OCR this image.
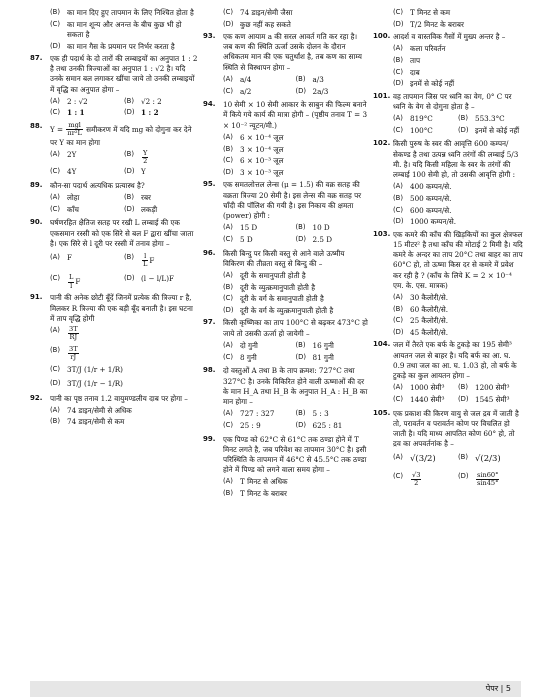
(B) का मान दिए हुए तापमान के लिए निश्चित होता है
(C) का मान शून्य और अनन्त के बीच कुछ भी हो सकता है
(D) का मान गैस के प्रयमान पर निर्भर करता है
87.	एक ही पदार्थ के दो तारों की लम्बाइयों का अनुपात 1 : 2 है तथा उनकी त्रिज्याओं का अनुपात 1 : √2 है। यदि उनके समान बल लगाकर खींचा जाये तो उनकी लम्बाइयों में वृद्धि का अनुपात होगा –
(A) 2 : √2	(B) √2 : 2
(C) 1 : 1	(D) 1 : 2
88.	$Y = \frac{\text{mgl}}{\text{πr²L}}$ समीकरण में यदि mg को दोगुना कर देने पर Y का मान होगा
(A) 2Y	(B)	$\frac{Y}{2}$
(C) 4Y	(D) Y
89.	कौन-सा पदार्थ अत्यधिक प्रत्यास्थ है?
(A) लोहा	(B) रबर
(C) काँच	(D) लकड़ी
90.	घर्षणरहित क्षैतिज सतह पर रखी L लम्बाई की एक एकसमान रस्सी को एक सिरे से बल F द्वारा खींचा जाता है। एक सिरे से l दूरी पर रस्सी में तनाव होगा –
(A) F	(B)	$\frac{l}{L}$ F
(C)	$\frac{L}{l}$ F	(D) (l − l/L)F
91.	पानी की अनेक छोटी बूँदें जिनमें प्रत्येक की त्रिज्या r है, मिलकर R त्रिज्या की एक बड़ी बूँद बनाती है। इस घटना में ताप वृद्धि होगी
(A)	$\frac{3T}{RJ}$
(B)	$\frac{3T}{rJ}$
(C) 3T/J (1/r + 1/R)
(D) 3T/J (1/r − 1/R)
92.	पानी का पृष्ठ तनाव 1.2 वायुमण्डलीय दाब पर होगा –
(A) 74 डाइन/सेमी से अधिक
(B) 74 डाइन/सेमी से कम
(C) 74 डाइन/सेमी जैसा
(D) कुछ नहीं कह सकते
93.	एक कण आयाम a की सरल आवर्त गति कर रहा है। जब कण की स्थिति ऊर्जा उसके दोलन के दौरान अधिकतम मान की एक चतुर्थांश है, तब कण का साम्य स्थिति से विस्थापन होगा –
(A) a/4	(B) a/3
(C) a/2	(D) 2a/3
94.	10 सेमी × 10 सेमी आकार के साबुन की फिल्म बनाने में किये गये कार्य की मात्रा होगी – (पृष्ठीय तनाव T = 3 × 10⁻² न्यूटन/मी.)
(A) 6 × 10⁻⁴ जूल
(B) 3 × 10⁻⁴ जूल
(C) 6 × 10⁻³ जूल
(D) 3 × 10⁻³ जूल
95.	एक समतलोत्तल लेन्स (μ = 1.5) की वक्र सतह की वक्रता त्रिज्या 20 सेमी है। इस लेन्स की वक्र सतह पर चाँदी की पॉलिश की गयी है। इस निकाय की क्षमता (power) होगी :
(A) 15 D	(B) 10 D
(C) 5 D	(D) 2.5 D
96.	किसी बिन्दु पर किसी वस्तु से आने वाले ऊष्मीय विकिरण की तीव्रता वस्तु से बिन्दु की –
(A) दूरी के समानुपाती होती है
(B) दूरी के व्युत्क्रमानुपाती होती है
(C) दूरी के वर्ग के समानुपाती होती है
(D) दूरी के वर्ग के व्युत्क्रमानुपाती होती है
97.	किसी कृष्णिका का ताप 100°C से बढ़कर 473°C हो जाये तो उसकी ऊर्जा हो जायेगी –
(A) दो गुनी	(B) 16 गुनी
(C) 8 गुनी	(D) 81 गुनी
98.	दो वस्तुओं A तथा B के ताप क्रमश: 727°C तथा 327°C है। उनके विकिरित होने वाली ऊष्माओं की दर के मान H_A तथा H_B के अनुपात H_A : H_B का मान होगा –
(A) 727 : 327	(B) 5 : 3
(C) 25 : 9	(D) 625 : 81
99.	एक पिण्ड को 62°C से 61°C तक ठण्डा होने में T मिनट लगते है, जब परिवेश का तापमान 30°C है। इसी परिस्थिति के तापमान में 46°C से 45.5°C तक ठण्डा होने में पिण्ड को लगने वाला समय होगा –
(A) T मिनट से अधिक
(B) T मिनट के बराबर
(C) T मिनट से कम
(D) T/2 मिनट के बराबर
100. आदर्श व वास्तविक गैसों में मुख्य अन्तर है –
(A) कला परिवर्तन
(B) ताप
(C) दाब
(D) इनमें से कोई नहीं
101. वह तापमान जिस पर ध्वनि का वेग, 0° C पर ध्वनि के वेग से दोगुना होता है –
(A) 819°C	(B) 553.3°C
(C) 100°C	(D) इनमें से कोई नहीं
102. किसी पुरुष के स्वर की आवृत्ति 600 कम्पन/सेकण्ड है तथा उत्पन्न ध्वनि तरंगों की लम्बाई 5/3 मी. है। यदि किसी महिला के स्वर के तरंगों की लम्बाई 100 सेमी हो, तो उसकी आवृत्ति होगी :
(A) 400 कम्पन/से.
(B) 500 कम्पन/से.
(C) 600 कम्पन/से.
(D) 1000 कम्पन/से.
103. एक कमरे की काँच की खिड़कियों का कुल क्षेत्रफल 15 मीटर² है तथा काँच की मोटाई 2 मिमी है। यदि कमरे के अन्दर का ताप 20°C तथा बाहर का ताप 60°C हो, तो ऊष्मा किस दर से कमरे में प्रवेश कर रही है ? (काँच के लिये K = 2 × 10⁻⁴ एम. के. एस. मात्रक)
(A) 30 कैलोरी/से.
(B) 60 कैलोरी/से.
(C) 25 कैलोरी/से.
(D) 45 कैलोरी/से.
104. जल में तैरते एक बर्फ के टुकड़े का 195 सेमी³ आयतन जल से बाहर है। यदि बर्फ का आ. घ. 0.9 तथा जल का आ. घ. 1.03 हो, तो बर्फ के टुकड़े का कुल आयतन होगा –
(A) 1000 सेमी³	(B) 1200 सेमी³
(C) 1440 सेमी³	(D) 1545 सेमी³
105. एक प्रकाश की किरण वायु से जल द्रव में जाती है तो, परावर्तन व परावर्तन कोण पर विचलित हो जाती है। यदि माध्य आपतित कोण 60° हो, तो द्रव का अपवर्तनांक है –
(A) √(3/2)	(B) √(2/3)
(C)	$\frac{√3}{2}$	(D)	$\frac{\sin 60^\circ}{\sin 45^\circ}$
पेपर | 5
